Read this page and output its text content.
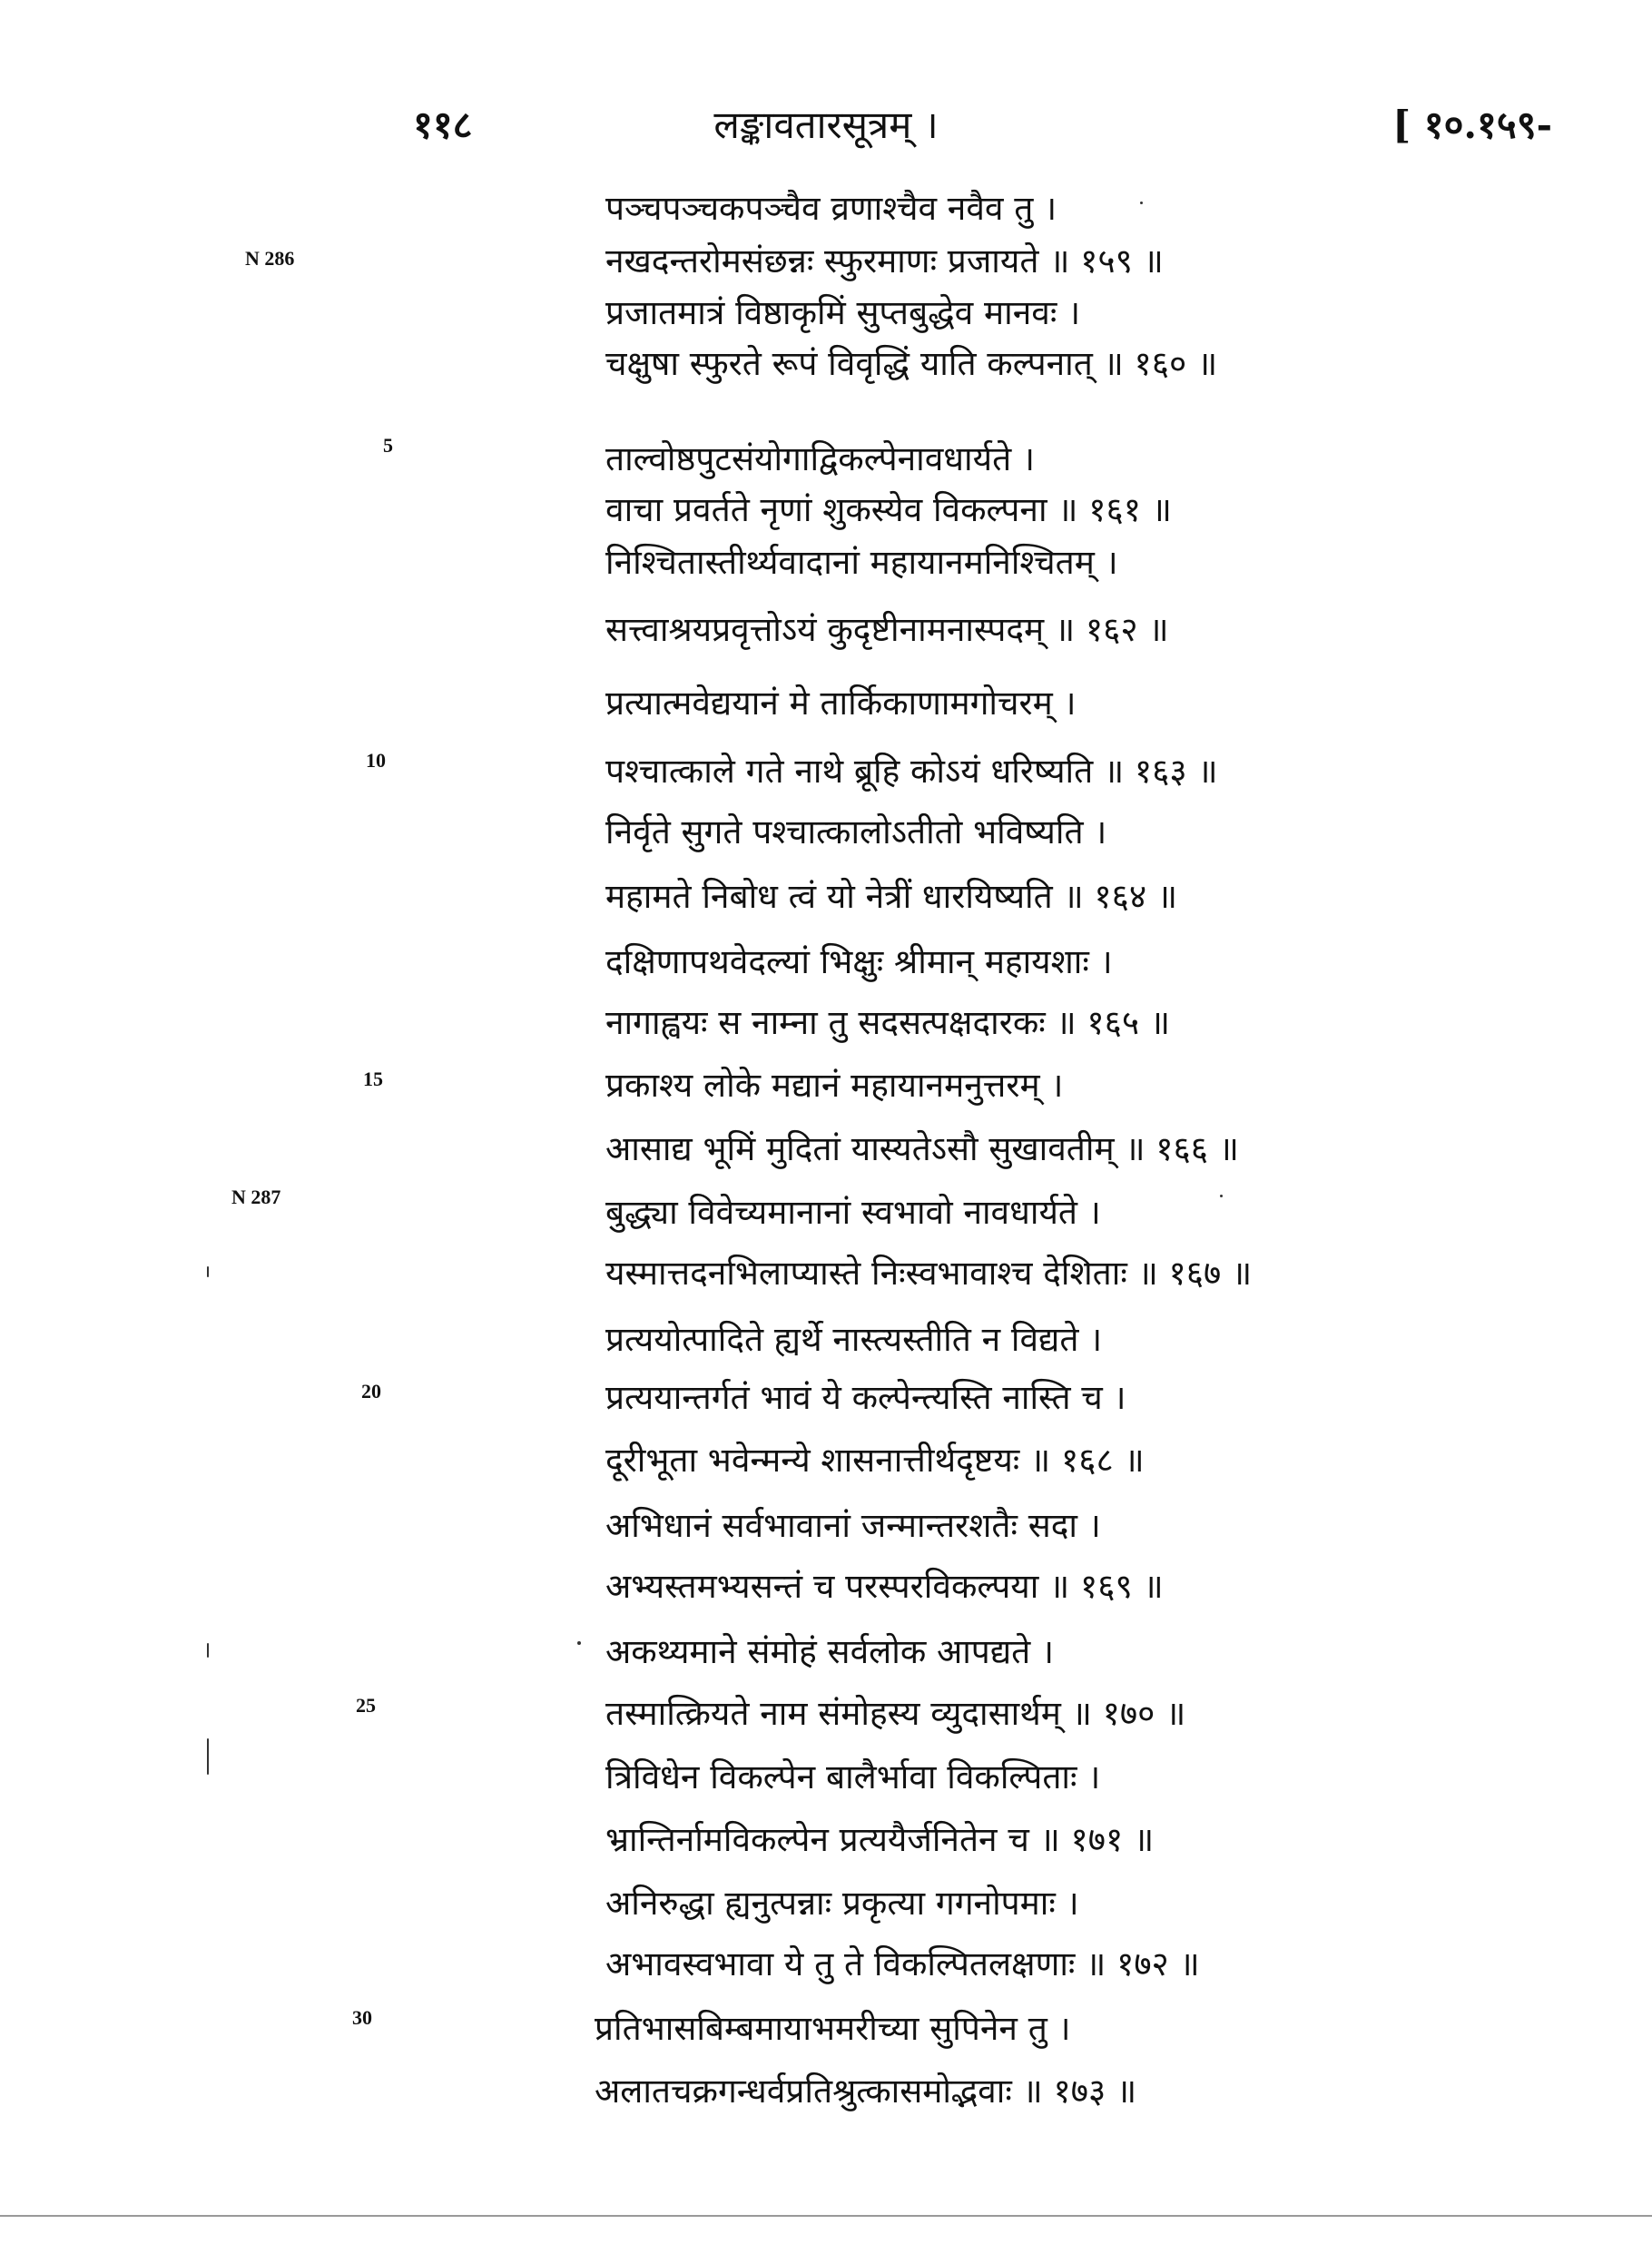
११८	लङ्कावतारसूत्रम् ।	[ १०.१५९-
N 286
N 287
5
10
15
20
25
30
पञ्चपञ्चकपञ्चैव व्रणाश्चैव नवैव तु ।
नखदन्तरोमसंछन्नः स्फुरमाणः प्रजायते ॥ १५९ ॥
प्रजातमात्रं विष्ठाकृमिं सुप्तबुद्धेव मानवः ।
चक्षुषा स्फुरते रूपं विवृद्धिं याति कल्पनात् ॥ १६० ॥
ताल्वोष्ठपुटसंयोगाद्विकल्पेनावधार्यते ।
वाचा प्रवर्तते नृणां शुकस्येव विकल्पना ॥ १६१ ॥
निश्चितास्तीर्थ्यवादानां महायानमनिश्चितम् ।
सत्त्वाश्रयप्रवृत्तोऽयं कुदृष्टीनामनास्पदम् ॥ १६२ ॥
प्रत्यात्मवेद्ययानं मे तार्किकाणामगोचरम् ।
पश्चात्काले गते नाथे ब्रूहि कोऽयं धरिष्यति ॥ १६३ ॥
निर्वृते सुगते पश्चात्कालोऽतीतो भविष्यति ।
महामते निबोध त्वं यो नेत्रीं धारयिष्यति ॥ १६४ ॥
दक्षिणापथवेदल्यां भिक्षुः श्रीमान् महायशाः ।
नागाह्वयः स नाम्ना तु सदसत्पक्षदारकः ॥ १६५ ॥
प्रकाश्य लोके मद्यानं महायानमनुत्तरम् ।
आसाद्य भूमिं मुदितां यास्यतेऽसौ सुखावतीम् ॥ १६६ ॥
बुद्ध्या विवेच्यमानानां स्वभावो नावधार्यते ।
यस्मात्तदनभिलाप्यास्ते निःस्वभावाश्च देशिताः ॥ १६७ ॥
प्रत्ययोत्पादिते ह्यर्थे नास्त्यस्तीति न विद्यते ।
प्रत्ययान्तर्गतं भावं ये कल्पेन्त्यस्ति नास्ति च ।
दूरीभूता भवेन्मन्ये शासनात्तीर्थदृष्टयः ॥ १६८ ॥
अभिधानं सर्वभावानां जन्मान्तरशतैः सदा ।
अभ्यस्तमभ्यसन्तं च परस्परविकल्पया ॥ १६९ ॥
अकथ्यमाने संमोहं सर्वलोक आपद्यते ।
तस्मात्क्रियते नाम संमोहस्य व्युदासार्थम् ॥ १७० ॥
त्रिविधेन विकल्पेन बालैर्भावा विकल्पिताः ।
भ्रान्तिर्नामविकल्पेन प्रत्ययैर्जनितेन च ॥ १७१ ॥
अनिरुद्धा ह्यनुत्पन्नाः प्रकृत्या गगनोपमाः ।
अभावस्वभावा ये तु ते विकल्पितलक्षणाः ॥ १७२ ॥
प्रतिभासबिम्बमायाभमरीच्या सुपिनेन तु ।
अलातचक्रगन्धर्वप्रतिश्रुत्कासमोद्भवाः ॥ १७३ ॥
